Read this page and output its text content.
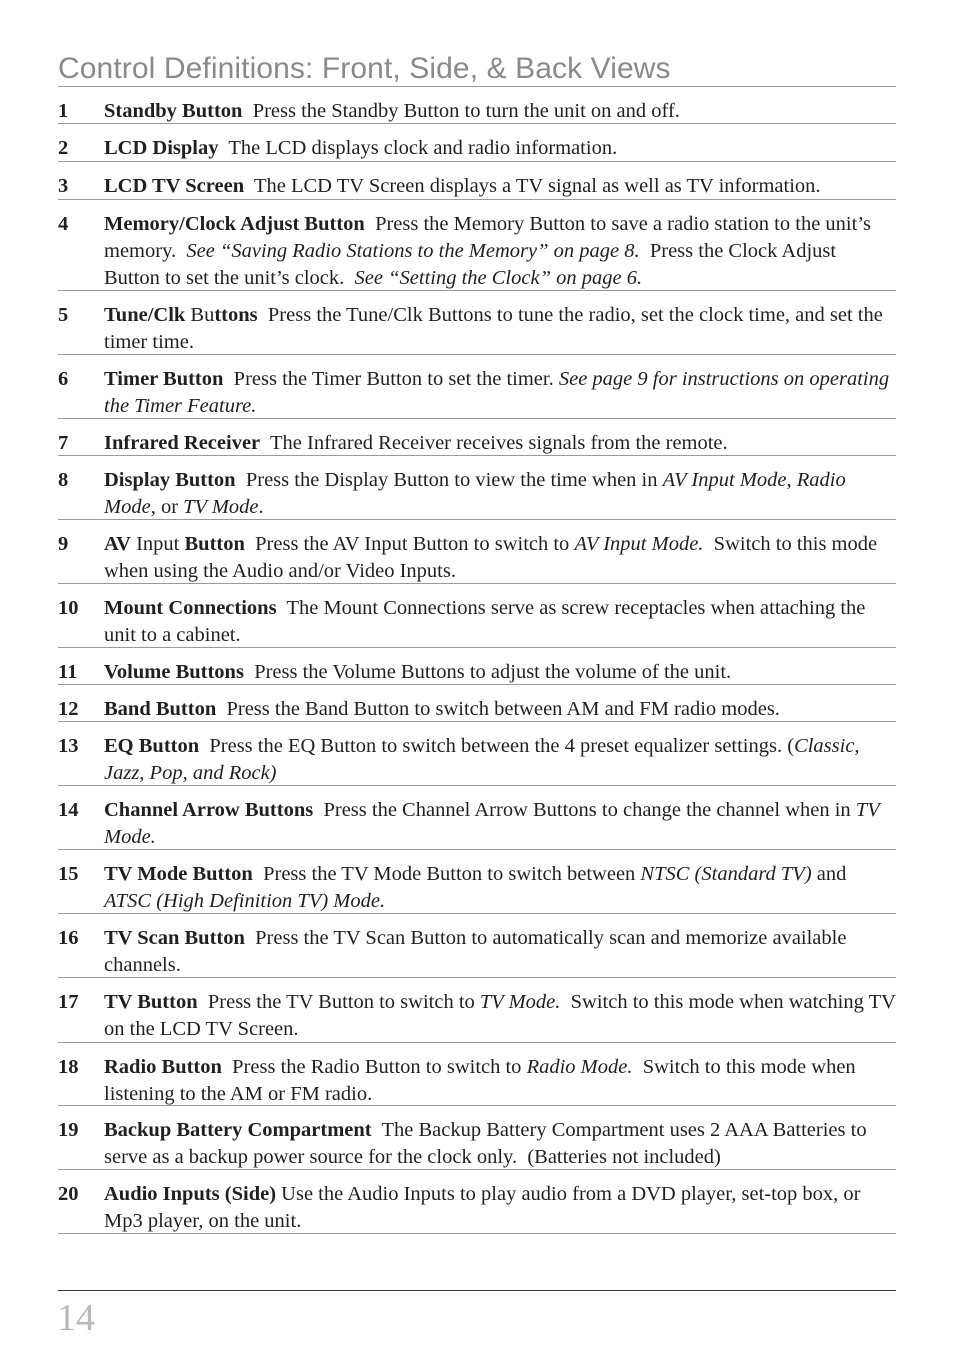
Control Definitions: Front, Side, & Back Views
1 Standby Button  Press the Standby Button to turn the unit on and off.
2 LCD Display  The LCD displays clock and radio information.
3 LCD TV Screen  The LCD TV Screen displays a TV signal as well as TV information.
4 Memory/Clock Adjust Button  Press the Memory Button to save a radio station to the unit’s memory.  See “Saving Radio Stations to the Memory” on page 8.  Press the Clock Adjust Button to set the unit’s clock.  See “Setting the Clock” on page 6.
5 Tune/Clk Buttons  Press the Tune/Clk Buttons to tune the radio, set the clock time, and set the timer time.
6 Timer Button  Press the Timer Button to set the timer. See page 9 for instructions on operating the Timer Feature.
7 Infrared Receiver  The Infrared Receiver receives signals from the remote.
8 Display Button  Press the Display Button to view the time when in AV Input Mode, Radio Mode, or TV Mode.
9 AV Input Button  Press the AV Input Button to switch to AV Input Mode.  Switch to this mode when using the Audio and/or Video Inputs.
10 Mount Connections  The Mount Connections serve as screw receptacles when attaching the unit to a cabinet.
11 Volume Buttons  Press the Volume Buttons to adjust the volume of the unit.
12 Band Button  Press the Band Button to switch between AM and FM radio modes.
13 EQ Button  Press the EQ Button to switch between the 4 preset equalizer settings. (Classic, Jazz, Pop, and Rock)
14 Channel Arrow Buttons  Press the Channel Arrow Buttons to change the channel when in TV Mode.
15 TV Mode Button  Press the TV Mode Button to switch between NTSC (Standard TV) and ATSC (High Definition TV) Mode.
16 TV Scan Button  Press the TV Scan Button to automatically scan and memorize available channels.
17 TV Button  Press the TV Button to switch to TV Mode.  Switch to this mode when watching TV on the LCD TV Screen.
18 Radio Button  Press the Radio Button to switch to Radio Mode.  Switch to this mode when listening to the AM or FM radio.
19 Backup Battery Compartment  The Backup Battery Compartment uses 2 AAA Batteries to serve as a backup power source for the clock only.  (Batteries not included)
20 Audio Inputs (Side) Use the Audio Inputs to play audio from a DVD player, set-top box, or Mp3 player, on the unit.
14
